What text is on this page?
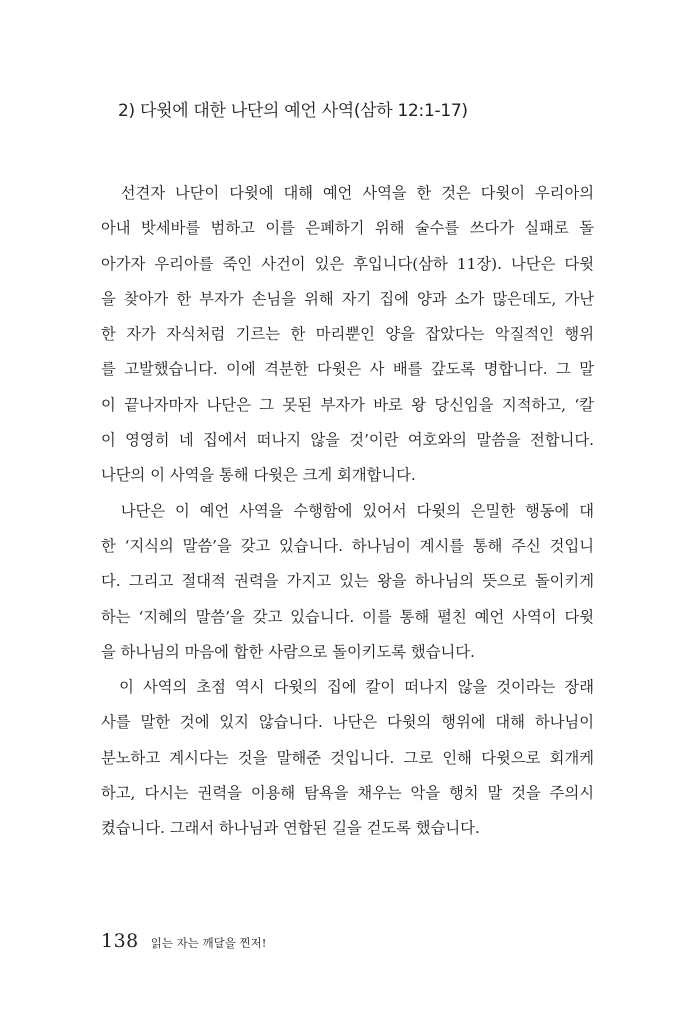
2) 다윗에 대한 나단의 예언 사역(삼하 12:1-17)
선견자 나단이 다윗에 대해 예언 사역을 한 것은 다윗이 우리아의
아내 밧세바를 범하고 이를 은폐하기 위해 술수를 쓰다가 실패로 돌
아가자 우리아를 죽인 사건이 있은 후입니다(삼하 11장). 나단은 다윗
을 찾아가 한 부자가 손님을 위해 자기 집에 양과 소가 많은데도, 가난
한 자가 자식처럼 기르는 한 마리뿐인 양을 잡았다는 악질적인 행위
를 고발했습니다. 이에 격분한 다윗은 사 배를 갚도록 명합니다. 그 말
이 끝나자마자 나단은 그 못된 부자가 바로 왕 당신임을 지적하고, ‘칼
이 영영히 네 집에서 떠나지 않을 것’이란 여호와의 말씀을 전합니다.
나단의 이 사역을 통해 다윗은 크게 회개합니다.
나단은 이 예언 사역을 수행함에 있어서 다윗의 은밀한 행동에 대
한 ‘지식의 말씀’을 갖고 있습니다. 하나님이 계시를 통해 주신 것입니
다. 그리고 절대적 권력을 가지고 있는 왕을 하나님의 뜻으로 돌이키게
하는 ‘지혜의 말씀’을 갖고 있습니다. 이를 통해 펼친 예언 사역이 다윗
을 하나님의 마음에 합한 사람으로 돌이키도록 했습니다.
이 사역의 초점 역시 다윗의 집에 칼이 떠나지 않을 것이라는 장래
사를 말한 것에 있지 않습니다. 나단은 다윗의 행위에 대해 하나님이
분노하고 계시다는 것을 말해준 것입니다. 그로 인해 다윗으로 회개케
하고, 다시는 권력을 이용해 탐욕을 채우는 악을 행치 말 것을 주의시
켰습니다. 그래서 하나님과 연합된 길을 걷도록 했습니다.
138 읽는 자는 깨달을 찐저!
